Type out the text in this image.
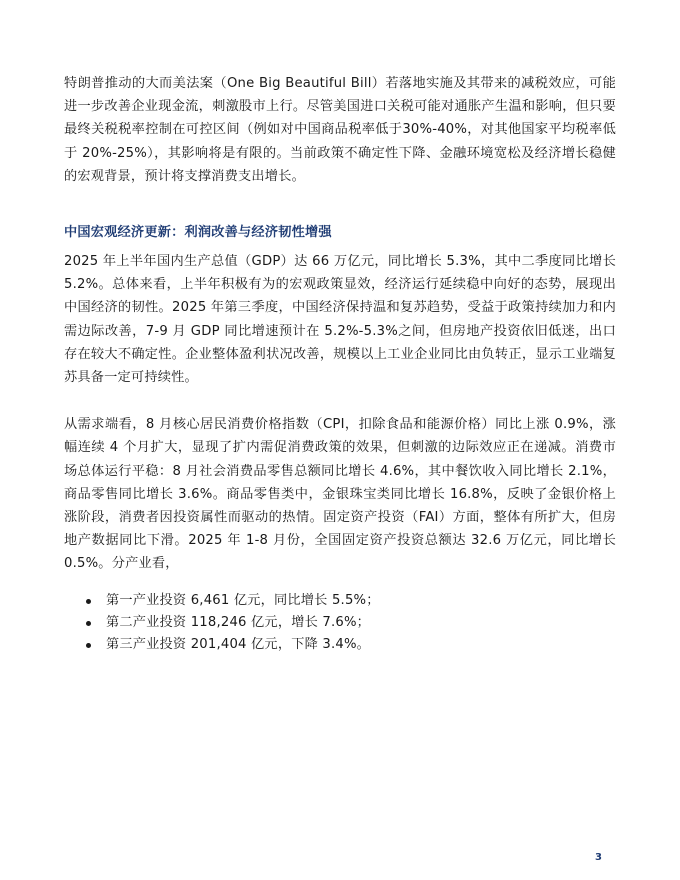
特朗普推动的大而美法案（One Big Beautiful Bill）若落地实施及其带来的减税效应，可能进一步改善企业现金流，刺激股市上行。尽管美国进口关税可能对通胀产生温和影响，但只要最终关税税率控制在可控区间（例如对中国商品税率低于30%-40%，对其他国家平均税率低于 20%-25%），其影响将是有限的。当前政策不确定性下降、金融环境宽松及经济增长稳健的宏观背景，预计将支撑消费支出增长。

中国宏观经济更新：利润改善与经济韧性增强

2025 年上半年国内生产总值（GDP）达 66 万亿元，同比增长 5.3%，其中二季度同比增长 5.2%。总体来看，上半年积极有为的宏观政策显效，经济运行延续稳中向好的态势，展现出中国经济的韧性。2025 年第三季度，中国经济保持温和复苏趋势，受益于政策持续加力和内需边际改善，7-9 月 GDP 同比增速预计在 5.2%-5.3%之间，但房地产投资依旧低迷，出口存在较大不确定性。企业整体盈利状况改善，规模以上工业企业同比由负转正，显示工业端复苏具备一定可持续性。

从需求端看，8 月核心居民消费价格指数（CPI，扣除食品和能源价格）同比上涨 0.9%，涨幅连续 4 个月扩大，显现了扩内需促消费政策的效果，但刺激的边际效应正在递减。消费市场总体运行平稳：8 月社会消费品零售总额同比增长 4.6%，其中餐饮收入同比增长 2.1%，商品零售同比增长 3.6%。商品零售类中，金银珠宝类同比增长 16.8%，反映了金银价格上涨阶段，消费者因投资属性而驱动的热情。固定资产投资（FAI）方面，整体有所扩大，但房地产数据同比下滑。2025 年 1-8 月份，全国固定资产投资总额达 32.6 万亿元，同比增长 0.5%。分产业看，

第一产业投资 6,461 亿元，同比增长 5.5%；
第二产业投资 118,246 亿元，增长 7.6%；
第三产业投资 201,404 亿元，下降 3.4%。
3
